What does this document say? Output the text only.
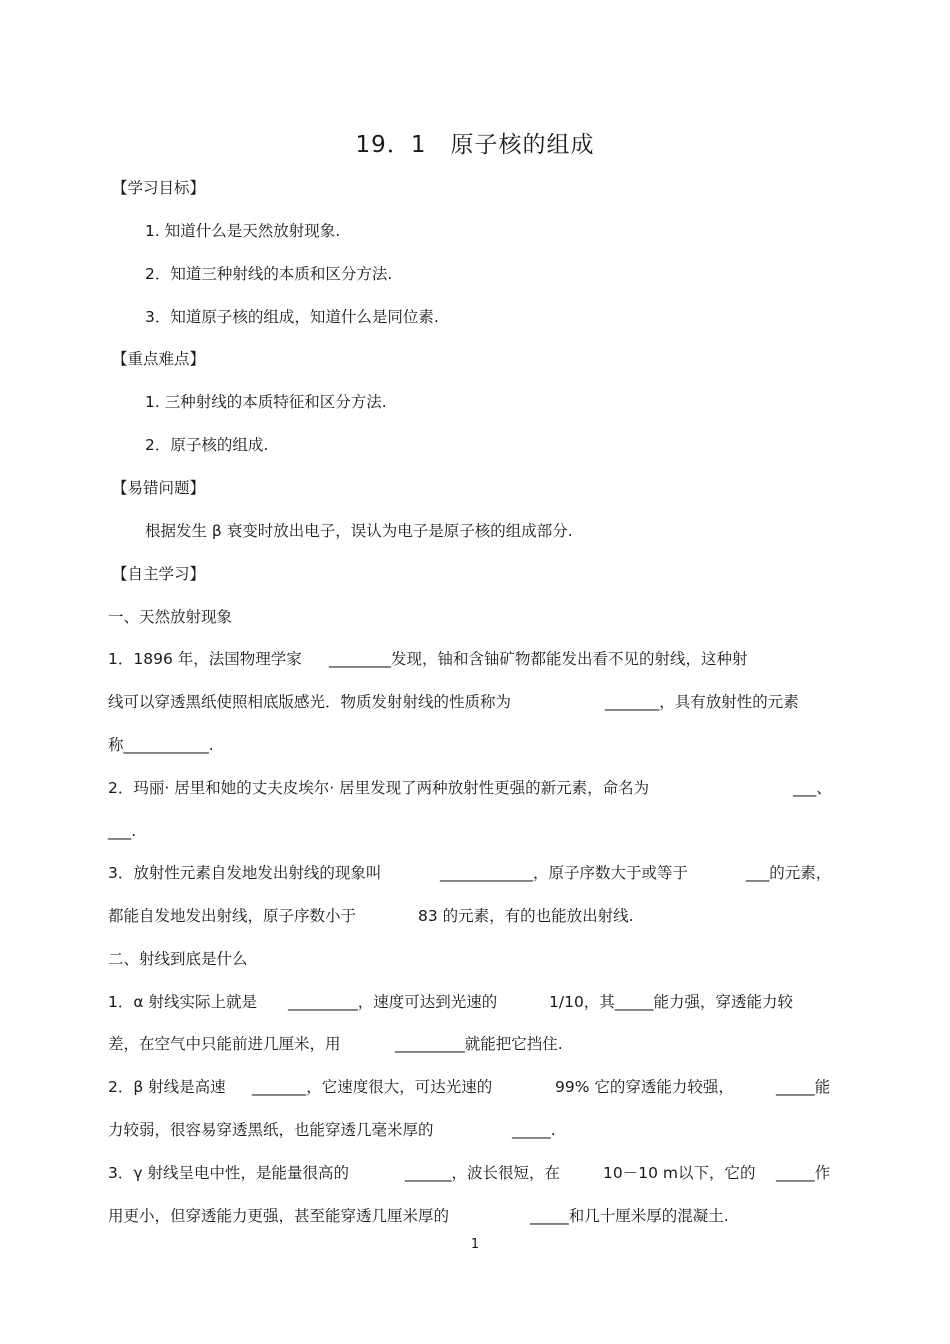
19．1　原子核的组成
【学习目标】
1. 知道什么是天然放射现象.
2．知道三种射线的本质和区分方法.
3．知道原子核的组成，知道什么是同位素.
【重点难点】
1. 三种射线的本质特征和区分方法.
2．原子核的组成.
【易错问题】
根据发生 β 衰变时放出电子，误认为电子是原子核的组成部分.
【自主学习】
一、天然放射现象
1．1896 年，法国物理学家 ________发现，铀和含铀矿物都能发出看不见的射线，这种射
线可以穿透黑纸使照相底版感光．物质发射射线的性质称为	_______，具有放射性的元素
称___________.
2．玛丽· 居里和她的丈夫皮埃尔· 居里发现了两种放射性更强的新元素，命名为	___、
___.
3．放射性元素自发地发出射线的现象叫	____________，原子序数大于或等于	___的元素，
都能自发地发出射线，原子序数小于	83 的元素，有的也能放出射线.
二、射线到底是什么
1．α 射线实际上就是 _________，速度可达到光速的	1/10，其_____能力强，穿透能力较
差，在空气中只能前进几厘米，用	_________就能把它挡住.
2．β 射线是高速 _______，它速度很大，可达光速的	99% 它的穿透能力较强，	_____能
力较弱，很容易穿透黑纸，也能穿透几毫米厚的	_____.
3．γ 射线呈电中性，是能量很高的	______，波长很短，在	10－10 m以下，它的 _____作
用更小，但穿透能力更强，甚至能穿透几厘米厚的	_____和几十厘米厚的混凝土.
1
